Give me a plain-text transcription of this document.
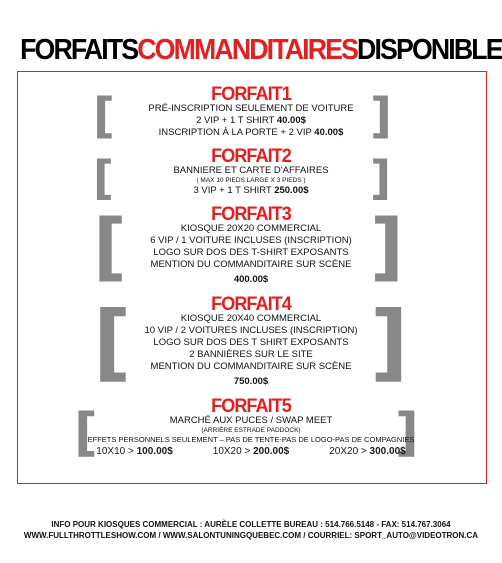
FORFAITSCOMMANDITAIRESDISPONIBLE
[	]
FORFAIT1
PRÉ-INSCRIPTION SEULEMENT DE VOITURE
2 VIP + 1 T SHIRT 40.00$
INSCRIPTION À LA PORTE + 2 VIP 40.00$
[	]
FORFAIT2
BANNIERE ET CARTE D'AFFAIRES
( MAX 10 PIEDS LARGE X 3 PIEDS )
3 VIP + 1 T SHIRT 250.00$
[	]
FORFAIT3
KIOSQUE 20X20 COMMERCIAL
6 VIP / 1 VOITURE INCLUSES (INSCRIPTION)
LOGO SUR DOS DES T-SHIRT EXPOSANTS
MENTION DU COMMANDITAIRE SUR SCÈNE
400.00$
[	]
FORFAIT4
KIOSQUE 20X40 COMMERCIAL
10 VIP / 2 VOITURES INCLUSES (INSCRIPTION)
LOGO SUR DOS DES T SHIRT EXPOSANTS
2 BANNIÈRES SUR LE SITE
MENTION DU COMMANDITAIRE SUR SCÈNE
750.00$
[	]
FORFAIT5
MARCHÉ AUX PUCES / SWAP MEET
(ARRIÈRE ESTRADE PADDOCK)
EFFETS PERSONNELS SEULEMENT – PAS DE TENTE-PAS DE LOGO-PAS DE COMPAGNIES
10X10 > 100.00$	10X20 > 200.00$	20X20 > 300.00$
INFO POUR KIOSQUES COMMERCIAL : AURÈLE COLLETTE BUREAU : 514.766.5148 - FAX: 514.767.3064
WWW.FULLTHROTTLESHOW.COM / WWW.SALONTUNINGQUEBEC.COM / COURRIEL: SPORT_AUTO@VIDEOTRON.CA
